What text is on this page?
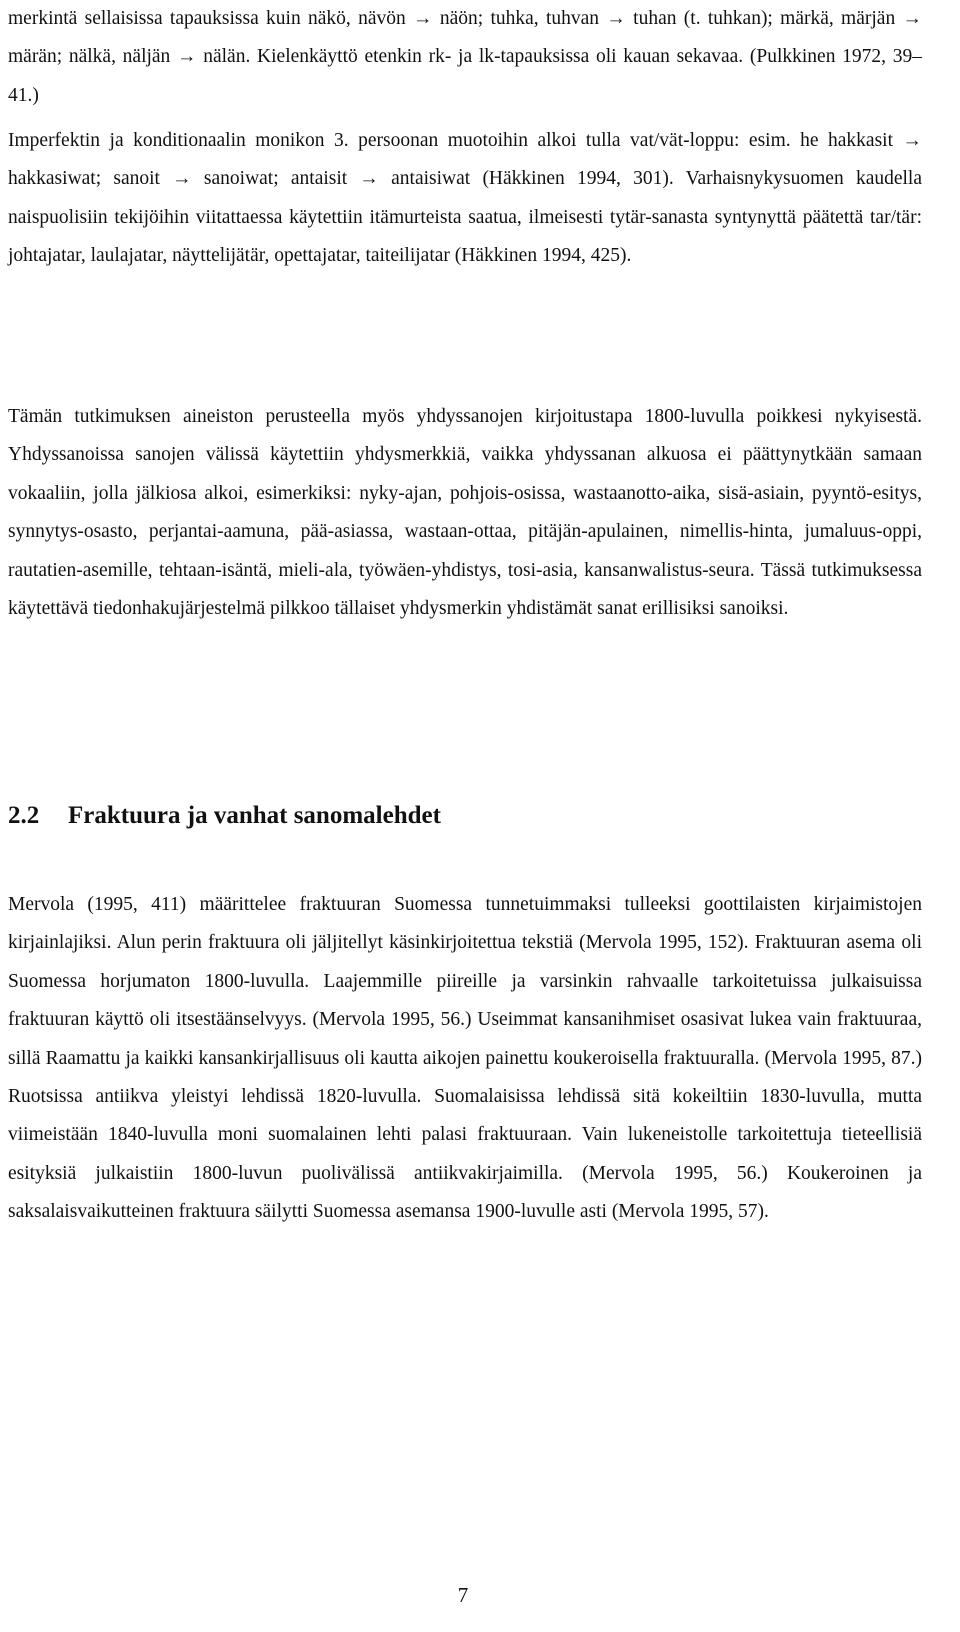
merkintä sellaisissa tapauksissa kuin näkö, nävön → näön; tuhka, tuhvan → tuhan (t. tuhkan); märkä, märjän → märän; nälkä, näljän → nälän. Kielenkäyttö etenkin rk- ja lk-tapauksissa oli kauan sekavaa. (Pulkkinen 1972, 39–41.)

Imperfektin ja konditionaalin monikon 3. persoonan muotoihin alkoi tulla vat/vät-loppu: esim. he hakkasit → hakkasiwat; sanoit → sanoiwat; antaisit → antaisiwat (Häkkinen 1994, 301). Varhaisnykysuomen kaudella naispuolisiin tekijöihin viitattaessa käytettiin itämurteista saatua, ilmeisesti tytär-sanasta syntynyttä päätettä tar/tär: johtajatar, laulajatar, näyttelijätär, opettajatar, taiteilijatar (Häkkinen 1994, 425).

Tämän tutkimuksen aineiston perusteella myös yhdyssanojen kirjoitustapa 1800-luvulla poikkesi nykyisestä. Yhdyssanoissa sanojen välissä käytettiin yhdysmerkkiä, vaikka yhdyssanan alkuosa ei päättynytkään samaan vokaaliin, jolla jälkiosa alkoi, esimerkiksi: nyky-ajan, pohjois-osissa, wastaanotto-aika, sisä-asiain, pyyntö-esitys, synnytys-osasto, perjantai-aamuna, pää-asiassa, wastaan-ottaa, pitäjän-apulainen, nimellis-hinta, jumaluus-oppi, rautatien-asemille, tehtaan-isäntä, mieli-ala, työwäen-yhdistys, tosi-asia, kansanwalistus-seura. Tässä tutkimuksessa käytettävä tiedonhakujärjestelmä pilkkoo tällaiset yhdysmerkin yhdistämät sanat erillisiksi sanoiksi.

2.2 Fraktuura ja vanhat sanomalehdet

Mervola (1995, 411) määrittelee fraktuuran Suomessa tunnetuimmaksi tulleeksi goottilaisten kirjaimistojen kirjainlajiksi. Alun perin fraktuura oli jäljitellyt käsinkirjoitettua tekstiä (Mervola 1995, 152). Fraktuuran asema oli Suomessa horjumaton 1800-luvulla. Laajemmille piireille ja varsinkin rahvaalle tarkoitetuissa julkaisuissa fraktuuran käyttö oli itsestäänselvyys. (Mervola 1995, 56.) Useimmat kansanihmiset osasivat lukea vain fraktuuraa, sillä Raamattu ja kaikki kansankirjallisuus oli kautta aikojen painettu koukeroisella fraktuuralla. (Mervola 1995, 87.) Ruotsissa antiikva yleistyi lehdissä 1820-luvulla. Suomalaisissa lehdissä sitä kokeiltiin 1830-luvulla, mutta viimeistään 1840-luvulla moni suomalainen lehti palasi fraktuuraan. Vain lukeneistolle tarkoitettuja tieteellisiä esityksiä julkaistiin 1800-luvun puolivälissä antiikvakirjaimilla. (Mervola 1995, 56.) Koukeroinen ja saksalaisvaikutteinen fraktuura säilytti Suomessa asemansa 1900-luvulle asti (Mervola 1995, 57).

7
